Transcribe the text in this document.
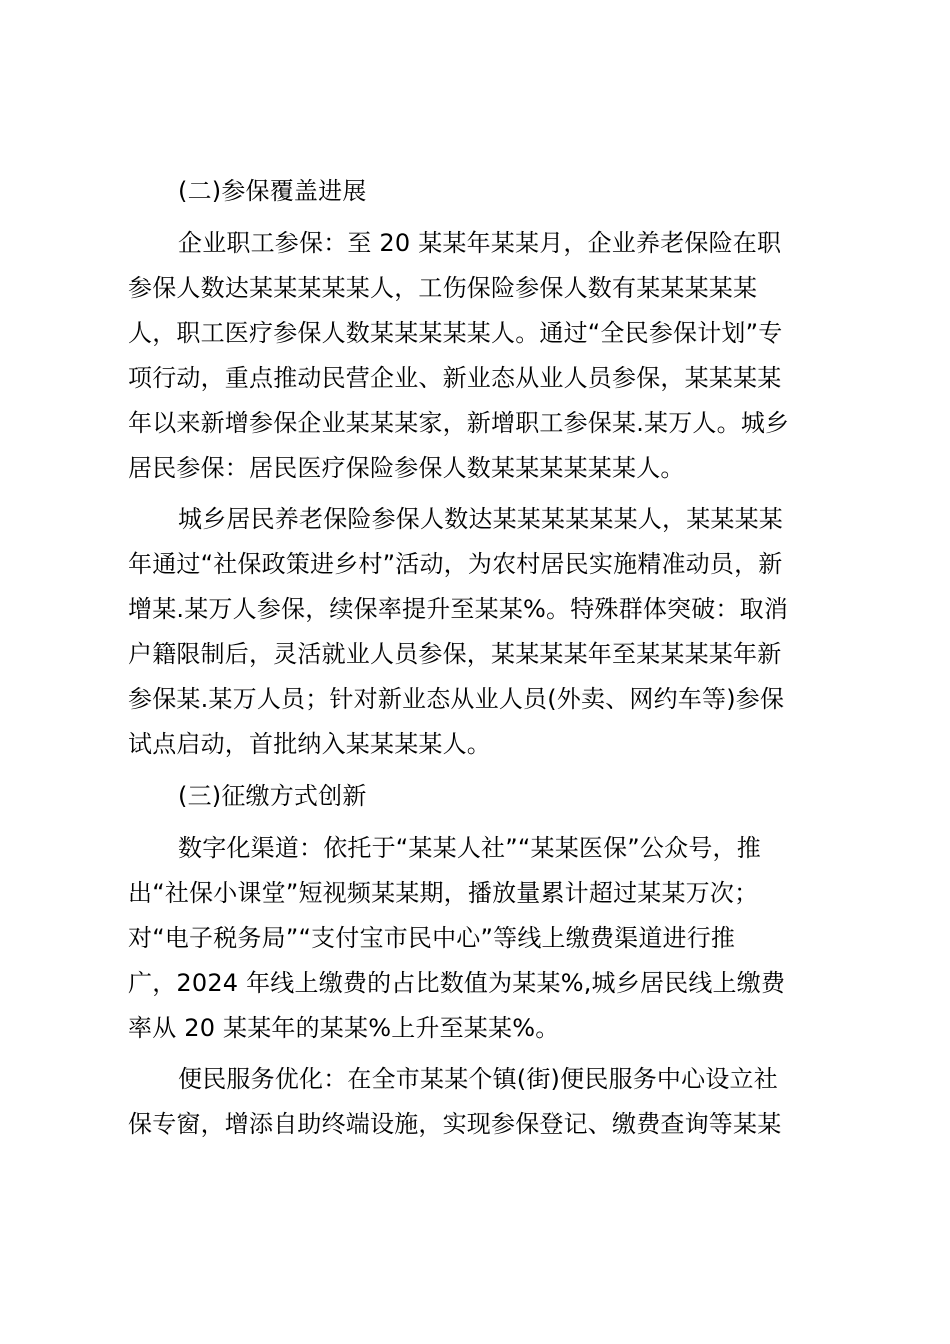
(二)参保覆盖进展
企业职工参保：至 20 某某年某某月，企业养老保险在职
参保人数达某某某某某人，工伤保险参保人数有某某某某某
人，职工医疗参保人数某某某某某人。通过“全民参保计划”专
项行动，重点推动民营企业、新业态从业人员参保，某某某某
年以来新增参保企业某某某家，新增职工参保某.某万人。城乡
居民参保：居民医疗保险参保人数某某某某某某人。
城乡居民养老保险参保人数达某某某某某某人，某某某某
年通过“社保政策进乡村”活动，为农村居民实施精准动员，新
增某.某万人参保，续保率提升至某某%。特殊群体突破：取消
户籍限制后，灵活就业人员参保，某某某某年至某某某某年新
参保某.某万人员；针对新业态从业人员(外卖、网约车等)参保
试点启动，首批纳入某某某某人。
(三)征缴方式创新
数字化渠道：依托于“某某人社”“某某医保”公众号，推
出“社保小课堂”短视频某某期，播放量累计超过某某万次；
对“电子税务局”“支付宝市民中心”等线上缴费渠道进行推
广，2024 年线上缴费的占比数值为某某%,城乡居民线上缴费
率从 20 某某年的某某%上升至某某%。
便民服务优化：在全市某某个镇(街)便民服务中心设立社
保专窗，增添自助终端设施，实现参保登记、缴费查询等某某
